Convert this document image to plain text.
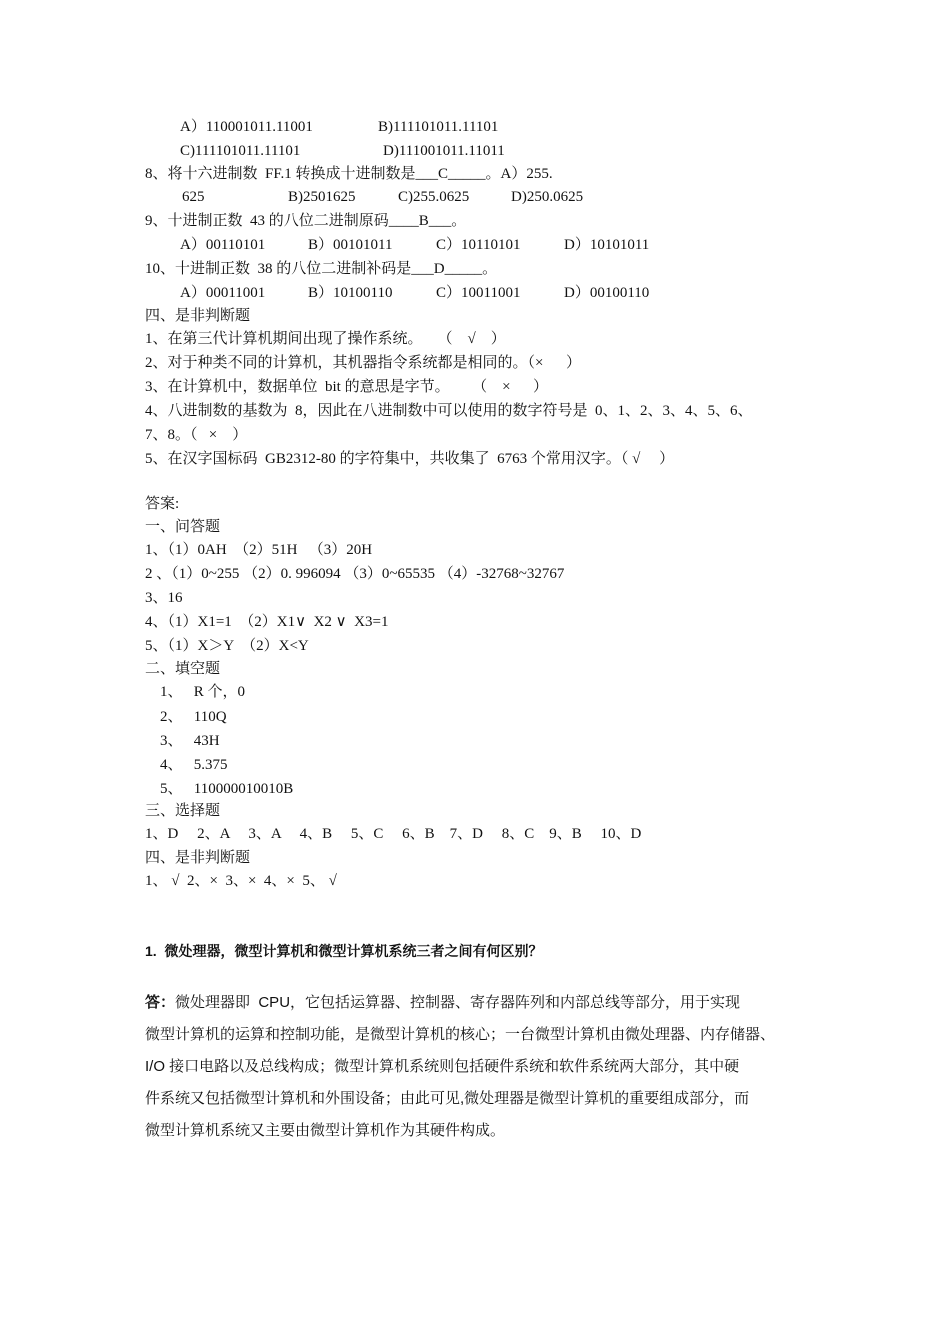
A）110001011.11001	B)111101011.11101
C)111101011.11101	D)111001011.11011
8、将十六进制数  FF.1 转换成十进制数是___C_____。A）255.
625	B)2501625	C)255.0625	D)250.0625
9、十进制正数  43 的八位二进制原码____B___。
A）00110101	B）00101011	C）10110101	D）10101011
10、十进制正数  38 的八位二进制补码是___D_____。
A）00011001	B）10100110	C）10011001	D）00100110
四、是非判断题
1、在第三代计算机期间出现了操作系统。    （    √    ）
2、对于种类不同的计算机，其机器指令系统都是相同的。（×      ）
3、在计算机中，数据单位  bit 的意思是字节。      （    ×      ）
4、八进制数的基数为  8，因此在八进制数中可以使用的数字符号是  0、1、2、3、4、5、6、
7、8。（   ×    ）
5、在汉字国标码  GB2312-80 的字符集中，共收集了  6763 个常用汉字。（ √     ）
答案:
一、问答题
1、（1）0AH  （2）51H   （3）20H
2 、（1）0~255 （2）0. 996094 （3）0~65535 （4）-32768~32767
3、16
4、（1）X1=1  （2）X1∨  X2 ∨  X3=1
5、（1）X＞Y  （2）X<Y
二、填空题
1、   R 个，0
2、   110Q
3、   43H
4、   5.375
5、   110000010010B
三、选择题
1、D     2、A     3、A     4、B     5、C     6、B    7、D     8、C    9、B     10、D
四、是非判断题
1、 √  2、×  3、×  4、×  5、 √
1.  微处理器，微型计算机和微型计算机系统三者之间有何区别？
答：微处理器即  CPU，它包括运算器、控制器、寄存器阵列和内部总线等部分，用于实现
微型计算机的运算和控制功能，是微型计算机的核心；一台微型计算机由微处理器、内存储器、
I/O 接口电路以及总线构成；微型计算机系统则包括硬件系统和软件系统两大部分，其中硬
件系统又包括微型计算机和外围设备；由此可见,微处理器是微型计算机的重要组成部分，而
微型计算机系统又主要由微型计算机作为其硬件构成。
